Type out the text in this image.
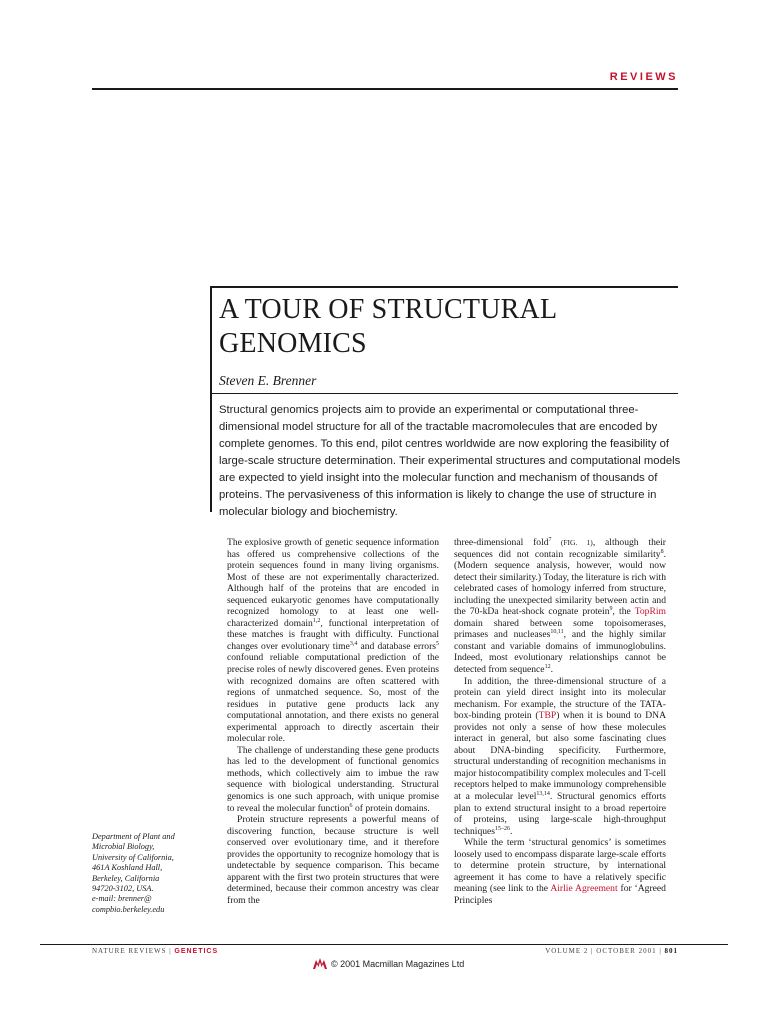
REVIEWS
A TOUR OF STRUCTURAL
GENOMICS
Steven E. Brenner
Structural genomics projects aim to provide an experimental or computational three-dimensional model structure for all of the tractable macromolecules that are encoded by complete genomes. To this end, pilot centres worldwide are now exploring the feasibility of large-scale structure determination. Their experimental structures and computational models are expected to yield insight into the molecular function and mechanism of thousands of proteins. The pervasiveness of this information is likely to change the use of structure in molecular biology and biochemistry.

The explosive growth of genetic sequence information has offered us comprehensive collections of the protein sequences found in many living organisms. Most of these are not experimentally characterized. Although half of the proteins that are encoded in sequenced eukaryotic genomes have computationally recognized homology to at least one well-characterized domain$^{1,2}$, functional interpretation of these matches is fraught with difficulty. Functional changes over evolutionary time$^{3,4}$ and database errors$^5$ confound reliable computational prediction of the precise roles of newly discovered genes. Even proteins with recognized domains are often scattered with regions of unmatched sequence. So, most of the residues in putative gene products lack any computational annotation, and there exists no general experimental approach to directly ascertain their molecular role.

The challenge of understanding these gene products has led to the development of functional genomics methods, which collectively aim to imbue the raw sequence with biological understanding. Structural genomics is one such approach, with unique promise to reveal the molecular function$^6$ of protein domains.

Protein structure represents a powerful means of discovering function, because structure is well conserved over evolutionary time, and it therefore provides the opportunity to recognize homology that is undetectable by sequence comparison. This became apparent with the first two protein structures that were determined, because their common ancestry was clear from the

three-dimensional fold$^7$ (FIG. 1), although their sequences did not contain recognizable similarity$^8$. (Modern sequence analysis, however, would now detect their similarity.) Today, the literature is rich with celebrated cases of homology inferred from structure, including the unexpected similarity between actin and the 70-kDa heat-shock cognate protein$^9$, the TopRim domain shared between some topoisomerases, primases and nucleases$^{10,11}$, and the highly similar constant and variable domains of immunoglobulins. Indeed, most evolutionary relationships cannot be detected from sequence$^{12}$.

In addition, the three-dimensional structure of a protein can yield direct insight into its molecular mechanism. For example, the structure of the TATA-box-binding protein (TBP) when it is bound to DNA provides not only a sense of how these molecules interact in general, but also some fascinating clues about DNA-binding specificity. Furthermore, structural understanding of recognition mechanisms in major histocompatibility complex molecules and T-cell receptors helped to make immunology comprehensible at a molecular level$^{13,14}$. Structural genomics efforts plan to extend structural insight to a broad repertoire of proteins, using large-scale high-throughput techniques$^{15-26}$.

While the term ‘structural genomics’ is sometimes loosely used to encompass disparate large-scale efforts to determine protein structure, by international agreement it has come to have a relatively specific meaning (see link to the Airlie Agreement for ‘Agreed Principles

Department of Plant and
Microbial Biology,
University of California,
461A Koshland Hall,
Berkeley, California
94720-3102, USA.
e-mail: brenner@
compbio.berkeley.edu
NATURE REVIEWS | GENETICS	VOLUME 2 | OCTOBER 2001 | 801
© 2001 Macmillan Magazines Ltd
